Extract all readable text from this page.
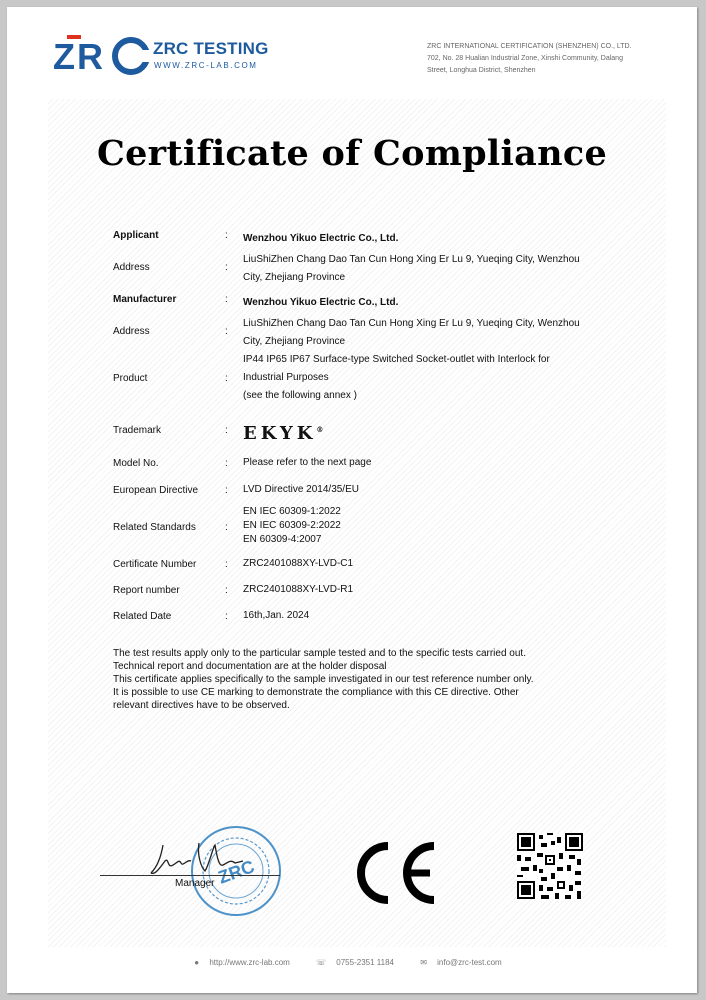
Z R	ZRC TESTING
WWW.ZRC-LAB.COM
ZRC INTERNATIONAL CERTIFICATION (SHENZHEN) CO., LTD.
702, No. 28 Hualian Industrial Zone, Xinshi Community, Dalang
Street, Longhua District, Shenzhen
Certificate of Compliance
Applicant	: Wenzhou Yikuo Electric Co., Ltd.
Address	:
LiuShiZhen Chang Dao Tan Cun Hong Xing Er Lu 9, Yueqing City, Wenzhou
City, Zhejiang Province
Manufacturer	: Wenzhou Yikuo Electric Co., Ltd.
Address	:
LiuShiZhen Chang Dao Tan Cun Hong Xing Er Lu 9, Yueqing City, Wenzhou
City, Zhejiang Province
Product	:
IP44 IP65 IP67 Surface-type Switched Socket-outlet with Interlock for
Industrial Purposes
(see the following annex )
Trademark	: EKYK®
Model No.	: Please refer to the next page
European Directive	: LVD Directive 2014/35/EU
Related Standards	:
EN IEC 60309-1:2022
EN IEC 60309-2:2022
EN 60309-4:2007
Certificate Number	: ZRC2401088XY-LVD-C1
Report number	: ZRC2401088XY-LVD-R1
Related Date	: 16th,Jan. 2024
The test results apply only to the particular sample tested and to the specific tests carried out.
Technical report and documentation are at the holder disposal
This certificate applies specifically to the sample investigated in our test reference number only.
It is possible to use CE marking to demonstrate the compliance with this CE directive. Other
relevant directives have to be observed.
ZRC
Manager
● http://www.zrc-lab.com	☏ 0755-2351 1184	✉ info@zrc-test.com
